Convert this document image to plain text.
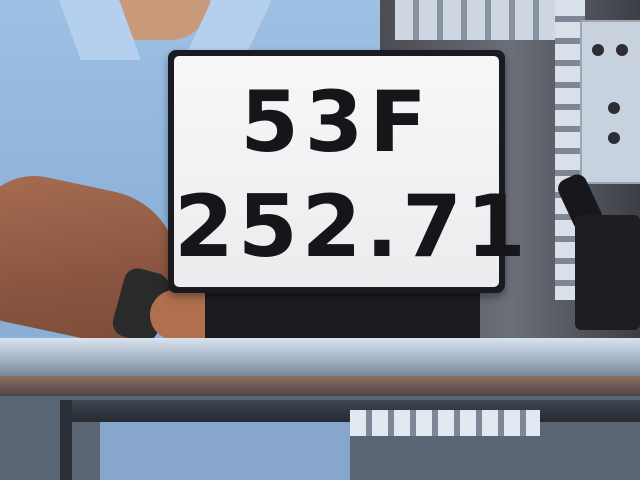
53F
252.71
